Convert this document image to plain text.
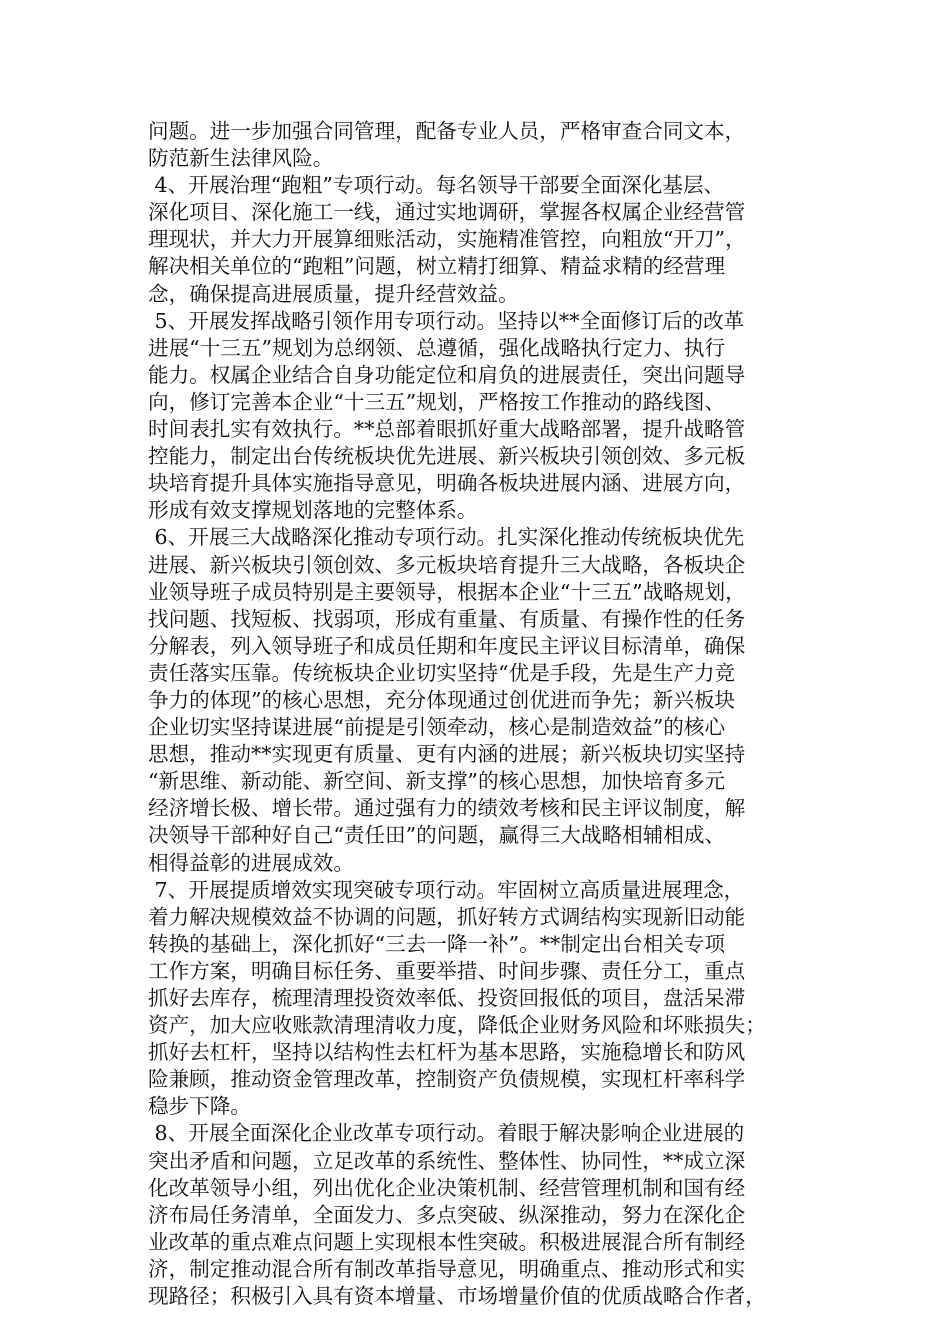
问题。进一步加强合同管理，配备专业人员，严格审查合同文本，
防范新生法律风险。
4、开展治理“跑粗”专项行动。每名领导干部要全面深化基层、
深化项目、深化施工一线，通过实地调研，掌握各权属企业经营管
理现状，并大力开展算细账活动，实施精准管控，向粗放“开刀”，
解决相关单位的“跑粗”问题，树立精打细算、精益求精的经营理
念，确保提高进展质量，提升经营效益。
5、开展发挥战略引领作用专项行动。坚持以**全面修订后的改革
进展“十三五”规划为总纲领、总遵循，强化战略执行定力、执行
能力。权属企业结合自身功能定位和肩负的进展责任，突出问题导
向，修订完善本企业“十三五”规划，严格按工作推动的路线图、
时间表扎实有效执行。**总部着眼抓好重大战略部署，提升战略管
控能力，制定出台传统板块优先进展、新兴板块引领创效、多元板
块培育提升具体实施指导意见，明确各板块进展内涵、进展方向，
形成有效支撑规划落地的完整体系。
6、开展三大战略深化推动专项行动。扎实深化推动传统板块优先
进展、新兴板块引领创效、多元板块培育提升三大战略，各板块企
业领导班子成员特别是主要领导，根据本企业“十三五”战略规划，
找问题、找短板、找弱项，形成有重量、有质量、有操作性的任务
分解表，列入领导班子和成员任期和年度民主评议目标清单，确保
责任落实压靠。传统板块企业切实坚持“优是手段，先是生产力竞
争力的体现”的核心思想，充分体现通过创优进而争先；新兴板块
企业切实坚持谋进展“前提是引领牵动，核心是制造效益”的核心
思想，推动**实现更有质量、更有内涵的进展；新兴板块切实坚持
“新思维、新动能、新空间、新支撑”的核心思想，加快培育多元
经济增长极、增长带。通过强有力的绩效考核和民主评议制度，解
决领导干部种好自己“责任田”的问题，赢得三大战略相辅相成、
相得益彰的进展成效。
7、开展提质增效实现突破专项行动。牢固树立高质量进展理念，
着力解决规模效益不协调的问题，抓好转方式调结构实现新旧动能
转换的基础上，深化抓好“三去一降一补”。**制定出台相关专项
工作方案，明确目标任务、重要举措、时间步骤、责任分工，重点
抓好去库存，梳理清理投资效率低、投资回报低的项目，盘活呆滞
资产，加大应收账款清理清收力度，降低企业财务风险和坏账损失；
抓好去杠杆，坚持以结构性去杠杆为基本思路，实施稳增长和防风
险兼顾，推动资金管理改革，控制资产负债规模，实现杠杆率科学
稳步下降。
8、开展全面深化企业改革专项行动。着眼于解决影响企业进展的
突出矛盾和问题，立足改革的系统性、整体性、协同性，**成立深
化改革领导小组，列出优化企业决策机制、经营管理机制和国有经
济布局任务清单，全面发力、多点突破、纵深推动，努力在深化企
业改革的重点难点问题上实现根本性突破。积极进展混合所有制经
济，制定推动混合所有制改革指导意见，明确重点、推动形式和实
现路径；积极引入具有资本增量、市场增量价值的优质战略合作者，
